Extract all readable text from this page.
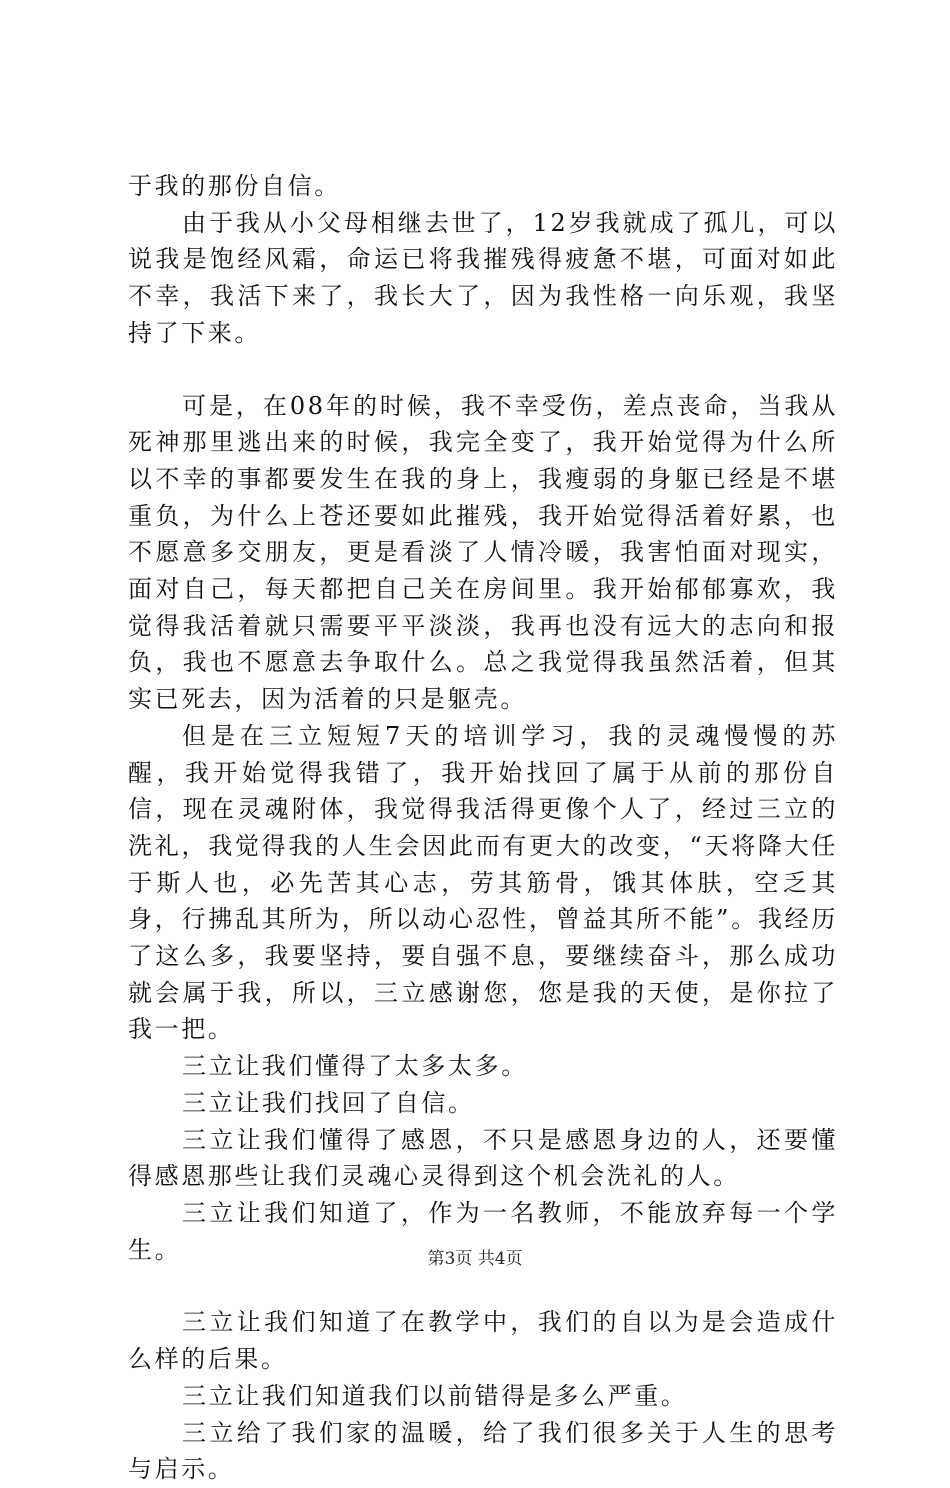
于我的那份自信。

由于我从小父母相继去世了，12岁我就成了孤儿，可以说我是饱经风霜，命运已将我摧残得疲惫不堪，可面对如此不幸，我活下来了，我长大了，因为我性格一向乐观，我坚持了下来。

可是，在08年的时候，我不幸受伤，差点丧命，当我从死神那里逃出来的时候，我完全变了，我开始觉得为什么所以不幸的事都要发生在我的身上，我瘦弱的身躯已经是不堪重负，为什么上苍还要如此摧残，我开始觉得活着好累，也不愿意多交朋友，更是看淡了人情冷暖，我害怕面对现实，面对自己，每天都把自己关在房间里。我开始郁郁寡欢，我觉得我活着就只需要平平淡淡，我再也没有远大的志向和报负，我也不愿意去争取什么。总之我觉得我虽然活着，但其实已死去，因为活着的只是躯壳。

但是在三立短短7天的培训学习，我的灵魂慢慢的苏醒，我开始觉得我错了，我开始找回了属于从前的那份自信，现在灵魂附体，我觉得我活得更像个人了，经过三立的洗礼，我觉得我的人生会因此而有更大的改变，“天将降大任于斯人也，必先苦其心志，劳其筋骨，饿其体肤，空乏其身，行拂乱其所为，所以动心忍性，曾益其所不能”。我经历了这么多，我要坚持，要自强不息，要继续奋斗，那么成功就会属于我，所以，三立感谢您，您是我的天使，是你拉了我一把。

三立让我们懂得了太多太多。

三立让我们找回了自信。

三立让我们懂得了感恩，不只是感恩身边的人，还要懂得感恩那些让我们灵魂心灵得到这个机会洗礼的人。

三立让我们知道了，作为一名教师，不能放弃每一个学生。

三立让我们知道了在教学中，我们的自以为是会造成什么样的后果。

三立让我们知道我们以前错得是多么严重。

三立给了我们家的温暖，给了我们很多关于人生的思考与启示。

第3页 共4页
